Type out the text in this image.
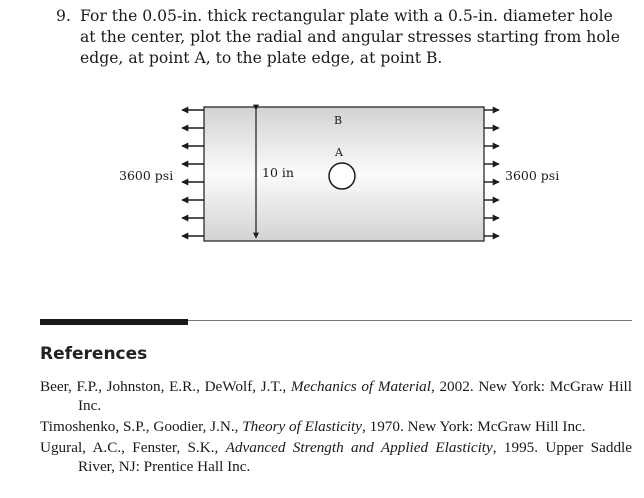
9. For the 0.05-in. thick rectangular plate with a 0.5-in. diameter hole at the center, plot the radial and angular stresses starting from hole edge, at point A, to the plate edge, at point B.
3600 psi	3600 psi
10 in
B
A
References

Beer, F.P., Johnston, E.R., DeWolf, J.T., Mechanics of Material, 2002. New York: McGraw Hill Inc.

Timoshenko, S.P., Goodier, J.N., Theory of Elasticity, 1970. New York: McGraw Hill Inc.

Ugural, A.C., Fenster, S.K., Advanced Strength and Applied Elasticity, 1995. Upper Saddle River, NJ: Prentice Hall Inc.
